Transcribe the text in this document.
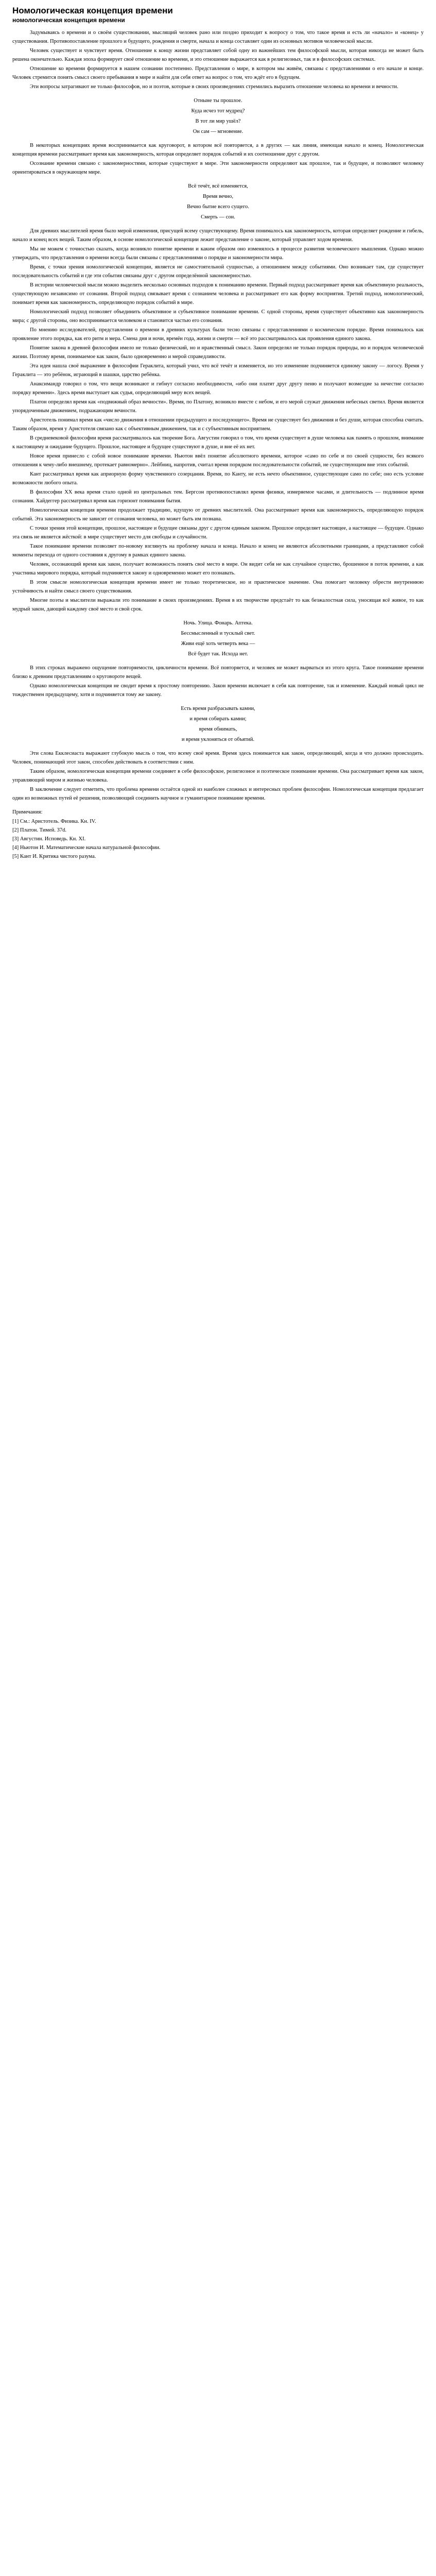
Номологическая концепция времени
номологическая концепция времени

Задумываясь о времени и о своём существовании, мыслящий человек рано или поздно приходит к вопросу о том, что такое время и есть ли «начало» и «конец» у существования. Противопоставление прошлого и будущего, рождения и смерти, начала и конца составляет один из основных мотивов человеческой мысли.

Человек существует и чувствует время. Отношение к концу жизни представляет собой одну из важнейших тем философской мысли, которая никогда не может быть решена окончательно. Каждая эпоха формирует своё отношение ко времени, и это отношение выражается как в религиозных, так и в философских системах.

Отношение ко времени формируется в нашем сознании постепенно. Представления о мире, в котором мы живём, связаны с представлениями о его начале и конце. Человек стремится понять смысл своего пребывания в мире и найти для себя ответ на вопрос о том, что ждёт его в будущем.

Эти вопросы затрагивают не только философов, но и поэтов, которые в своих произведениях стремились выразить отношение человека ко времени и вечности.

Отныне ты прошлое.

Куда исчез тот мудрец?

В тот ли мир ушёл?

Он сам — мгновение.

В некоторых концепциях время воспринимается как круговорот, в котором всё повторяется, а в других — как линия, имеющая начало и конец. Номологическая концепция времени рассматривает время как закономерность, которая определяет порядок событий и их соотношение друг с другом.

Осознание времени связано с закономерностями, которые существуют в мире. Эти закономерности определяют как прошлое, так и будущее, и позволяют человеку ориентироваться в окружающем мире.

Всё течёт, всё изменяется,

Время вечно,

Вечно бытие всего сущего.

Смерть — сон.

Для древних мыслителей время было мерой изменения, присущей всему существующему. Время понималось как закономерность, которая определяет рождение и гибель, начало и конец всех вещей. Таким образом, в основе номологической концепции лежит представление о законе, который управляет ходом времени.

Мы не можем с точностью сказать, когда возникло понятие времени и каким образом оно изменялось в процессе развития человеческого мышления. Однако можно утверждать, что представления о времени всегда были связаны с представлениями о порядке и закономерности мира.

Время, с точки зрения номологической концепции, является не самостоятельной сущностью, а отношением между событиями. Оно возникает там, где существует последовательность событий и где эти события связаны друг с другом определённой закономерностью.

В истории человеческой мысли можно выделить несколько основных подходов к пониманию времени. Первый подход рассматривает время как объективную реальность, существующую независимо от сознания. Второй подход связывает время с сознанием человека и рассматривает его как форму восприятия. Третий подход, номологический, понимает время как закономерность, определяющую порядок событий в мире.

Номологический подход позволяет объединить объективное и субъективное понимание времени. С одной стороны, время существует объективно как закономерность мира; с другой стороны, оно воспринимается человеком и становится частью его сознания.

По мнению исследователей, представления о времени в древних культурах были тесно связаны с представлениями о космическом порядке. Время понималось как проявление этого порядка, как его ритм и мера. Смена дня и ночи, времён года, жизни и смерти — всё это рассматривалось как проявления единого закона.

Понятие закона в древней философии имело не только физический, но и нравственный смысл. Закон определял не только порядок природы, но и порядок человеческой жизни. Поэтому время, понимаемое как закон, было одновременно и мерой справедливости.

Эта идея нашла своё выражение в философии Гераклита, который учил, что всё течёт и изменяется, но это изменение подчиняется единому закону — логосу. Время у Гераклита — это ребёнок, играющий в шашки, царство ребёнка.

Анаксимандр говорил о том, что вещи возникают и гибнут согласно необходимости, «ибо они платят друг другу пеню и получают возмездие за нечестие согласно порядку времени». Здесь время выступает как судья, определяющий меру всех вещей.

Платон определял время как «подвижный образ вечности». Время, по Платону, возникло вместе с небом, и его мерой служат движения небесных светил. Время является упорядоченным движением, подражающим вечности.

Аристотель понимал время как «число движения в отношении предыдущего и последующего». Время не существует без движения и без души, которая способна считать. Таким образом, время у Аристотеля связано как с объективным движением, так и с субъективным восприятием.

В средневековой философии время рассматривалось как творение Бога. Августин говорил о том, что время существует в душе человека как память о прошлом, внимание к настоящему и ожидание будущего. Прошлое, настоящее и будущее существуют в душе, и вне её их нет.

Новое время принесло с собой новое понимание времени. Ньютон ввёл понятие абсолютного времени, которое «само по себе и по своей сущности, без всякого отношения к чему-либо внешнему, протекает равномерно». Лейбниц, напротив, считал время порядком последовательности событий, не существующим вне этих событий.

Кант рассматривал время как априорную форму чувственного созерцания. Время, по Канту, не есть нечто объективное, существующее само по себе; оно есть условие возможности любого опыта.

В философии XX века время стало одной из центральных тем. Бергсон противопоставлял время физики, измеряемое часами, и длительность — подлинное время сознания. Хайдеггер рассматривал время как горизонт понимания бытия.

Номологическая концепция времени продолжает традицию, идущую от древних мыслителей. Она рассматривает время как закономерность, определяющую порядок событий. Эта закономерность не зависит от сознания человека, но может быть им познана.

С точки зрения этой концепции, прошлое, настоящее и будущее связаны друг с другом единым законом. Прошлое определяет настоящее, а настоящее — будущее. Однако эта связь не является жёсткой: в мире существует место для свободы и случайности.

Такое понимание времени позволяет по-новому взглянуть на проблему начала и конца. Начало и конец не являются абсолютными границами, а представляют собой моменты перехода от одного состояния к другому в рамках единого закона.

Человек, осознающий время как закон, получает возможность понять своё место в мире. Он видит себя не как случайное существо, брошенное в поток времени, а как участника мирового порядка, который подчиняется закону и одновременно может его познавать.

В этом смысле номологическая концепция времени имеет не только теоретическое, но и практическое значение. Она помогает человеку обрести внутреннюю устойчивость и найти смысл своего существования.

Многие поэты и мыслители выражали это понимание в своих произведениях. Время в их творчестве предстаёт то как безжалостная сила, уносящая всё живое, то как мудрый закон, дающий каждому своё место и свой срок.

Ночь. Улица. Фонарь. Аптека.

Бессмысленный и тусклый свет.

Живи ещё хоть четверть века —

Всё будет так. Исхода нет.

В этих строках выражено ощущение повторяемости, цикличности времени. Всё повторяется, и человек не может вырваться из этого круга. Такое понимание времени близко к древним представлениям о круговороте вещей.

Однако номологическая концепция не сводит время к простому повторению. Закон времени включает в себя как повторение, так и изменение. Каждый новый цикл не тождественен предыдущему, хотя и подчиняется тому же закону.

Есть время разбрасывать камни,

и время собирать камни;

время обнимать,

и время уклоняться от объятий.

Эти слова Екклесиаста выражают глубокую мысль о том, что всему своё время. Время здесь понимается как закон, определяющий, когда и что должно происходить. Человек, понимающий этот закон, способен действовать в соответствии с ним.

Таким образом, номологическая концепция времени соединяет в себе философское, религиозное и поэтическое понимание времени. Она рассматривает время как закон, управляющий миром и жизнью человека.

В заключение следует отметить, что проблема времени остаётся одной из наиболее сложных и интересных проблем философии. Номологическая концепция предлагает один из возможных путей её решения, позволяющий соединить научное и гуманитарное понимание времени.

Примечания:

[1] См.: Аристотель. Физика. Кн. IV.

[2] Платон. Тимей. 37d.

[3] Августин. Исповедь. Кн. XI.

[4] Ньютон И. Математические начала натуральной философии.

[5] Кант И. Критика чистого разума.
